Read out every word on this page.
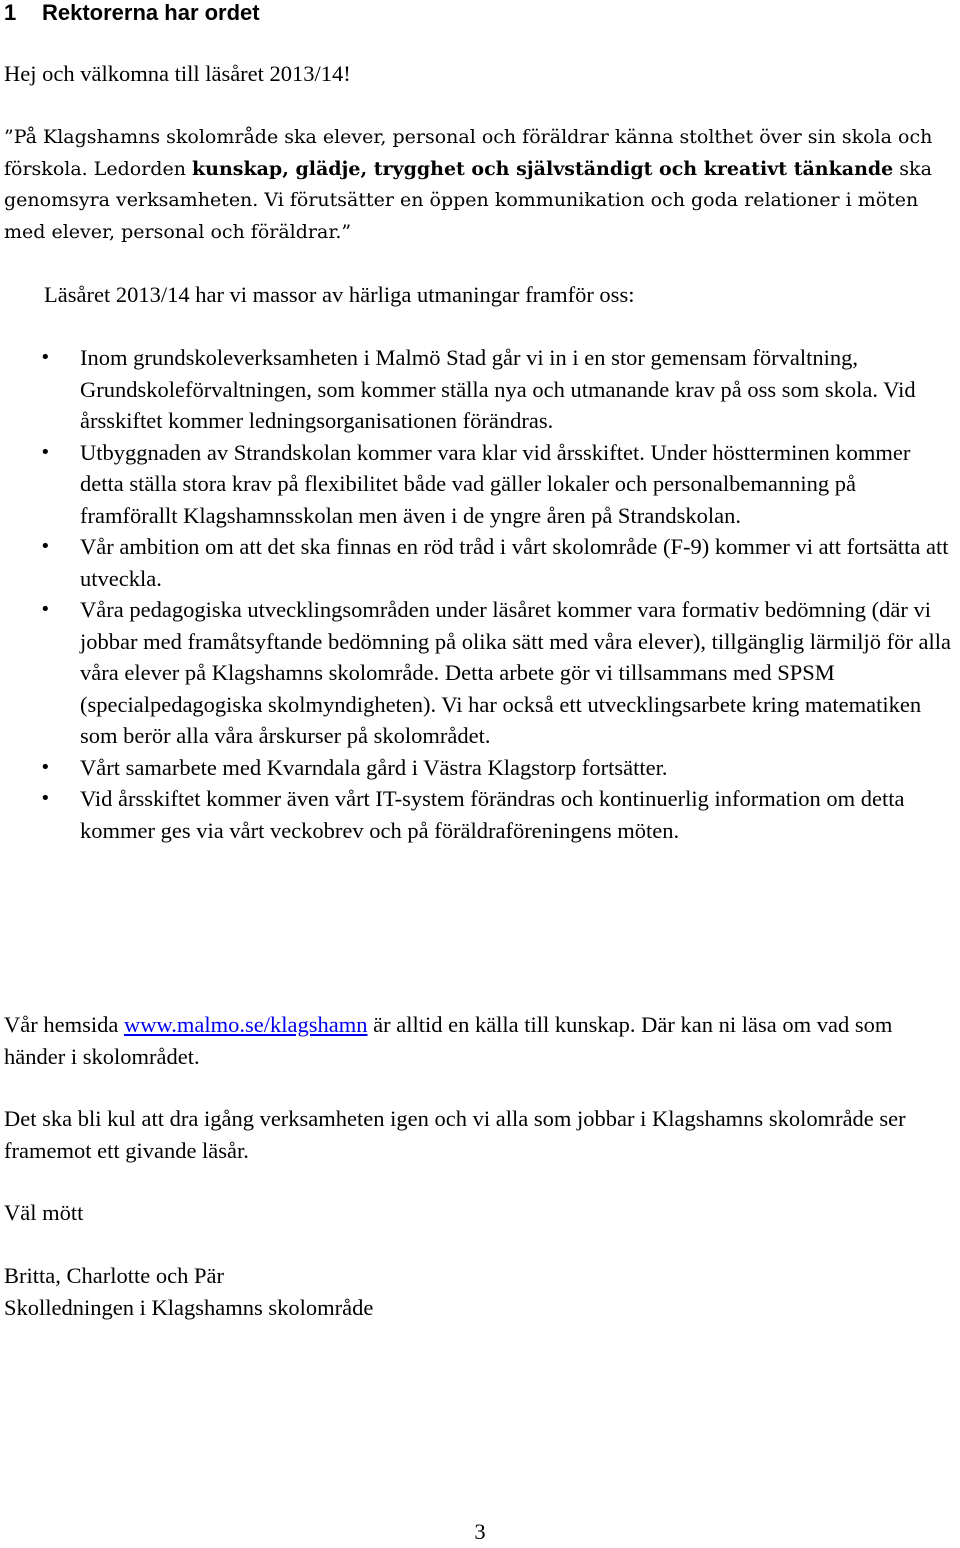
1 Rektorerna har ordet

Hej och välkomna till läsåret 2013/14!

”På Klagshamns skolområde ska elever, personal och föräldrar känna stolthet över sin skola och förskola. Ledorden kunskap, glädje, trygghet och självständigt och kreativt tänkande ska genomsyra verksamheten. Vi förutsätter en öppen kommunikation och goda relationer i möten med elever, personal och föräldrar.”

Läsåret 2013/14 har vi massor av härliga utmaningar framför oss:

• Inom grundskoleverksamheten i Malmö Stad går vi in i en stor gemensam förvaltning, Grundskoleförvaltningen, som kommer ställa nya och utmanande krav på oss som skola. Vid årsskiftet kommer ledningsorganisationen förändras.
• Utbyggnaden av Strandskolan kommer vara klar vid årsskiftet. Under höstterminen kommer detta ställa stora krav på flexibilitet både vad gäller lokaler och personalbemanning på framförallt Klagshamnsskolan men även i de yngre åren på Strandskolan.
• Vår ambition om att det ska finnas en röd tråd i vårt skolområde (F-9) kommer vi att fortsätta att utveckla.
• Våra pedagogiska utvecklingsområden under läsåret kommer vara formativ bedömning (där vi jobbar med framåtsyftande bedömning på olika sätt med våra elever), tillgänglig lärmiljö för alla våra elever på Klagshamns skolområde. Detta arbete gör vi tillsammans med SPSM (specialpedagogiska skolmyndigheten). Vi har också ett utvecklingsarbete kring matematiken som berör alla våra årskurser på skolområdet.
• Vårt samarbete med Kvarndala gård i Västra Klagstorp fortsätter.
• Vid årsskiftet kommer även vårt IT-system förändras och kontinuerlig information om detta kommer ges via vårt veckobrev och på föräldraföreningens möten.

Vår hemsida www.malmo.se/klagshamn är alltid en källa till kunskap. Där kan ni läsa om vad som händer i skolområdet.

Det ska bli kul att dra igång verksamheten igen och vi alla som jobbar i Klagshamns skolområde ser framemot ett givande läsår.

Väl mött

Britta, Charlotte och Pär

Skolledningen i Klagshamns skolområde

3
